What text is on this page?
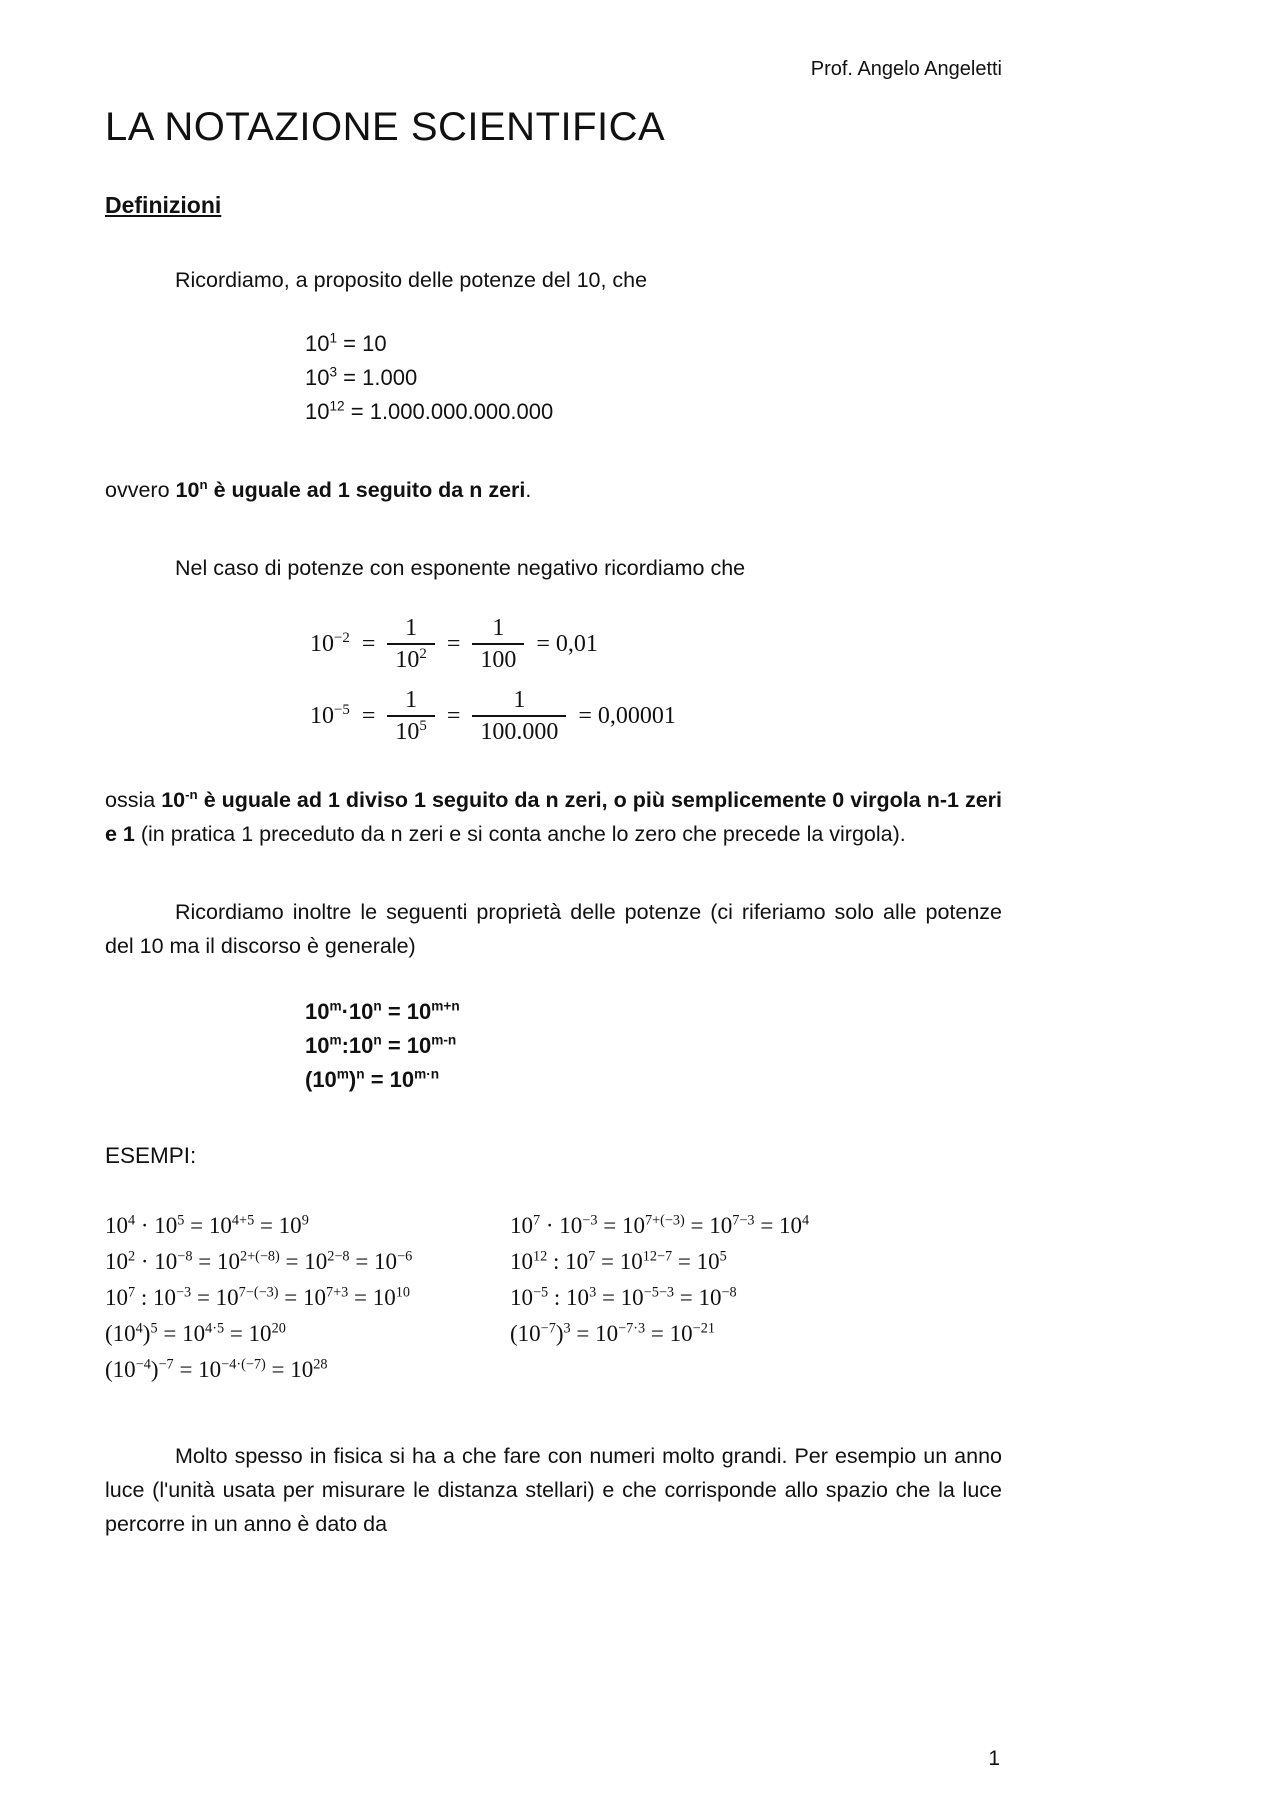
Prof. Angelo Angeletti
LA NOTAZIONE SCIENTIFICA
Definizioni

Ricordiamo, a proposito delle potenze del 10, che

$10^1 = 10$
$10^3 = 1.000$
$10^{12} = 1.000.000.000.000$

ovvero 10$^n$ è uguale ad 1 seguito da n zeri.

Nel caso di potenze con esponente negativo ricordiamo che

$10^{-2} = \frac{1}{10^2} = \frac{1}{100} = 0,01$
$10^{-5} = \frac{1}{10^5} = \frac{1}{100.000} = 0,00001$

ossia $10^{-n}$ è uguale ad 1 diviso 1 seguito da n zeri, o più semplicemente 0 virgola n-1 zeri e 1 (in pratica 1 preceduto da n zeri e si conta anche lo zero che precede la virgola).

Ricordiamo inoltre le seguenti proprietà delle potenze (ci riferiamo solo alle potenze del 10 ma il discorso è generale)

$10^m\cdot 10^n = 10^{m+n}$
$10^m:10^n = 10^{m-n}$
$(10^m)^n = 10^{m\cdot n}$
ESEMPI:
$10^4 \cdot 10^5 = 10^{4+5} = 10^9$
$10^2 \cdot 10^{-8} = 10^{2+(-8)} = 10^{2-8} = 10^{-6}$
$10^7$ : $10^{-3} = 10^{7-(-3)} = 10^{7+3} = 10^{10}$
$(10^4)^5 = 10^{4\cdot 5} = 10^{20}$
$(10^{-4})^{-7} = 10^{-4\cdot(-7)} = 10^{28}$
$10^7 \cdot 10^{-3} = 10^{7+(-3)} = 10^{7-3} = 10^4$
$10^{12}$ : $10^7 = 10^{12-7} = 10^5$
$10^{-5}$ : $10^3 = 10^{-5-3} = 10^{-8}$
$(10^{-7})^3 = 10^{-7\cdot 3} = 10^{-21}$

Molto spesso in fisica si ha a che fare con numeri molto grandi. Per esempio un anno luce (l'unità usata per misurare le distanza stellari) e che corrisponde allo spazio che la luce percorre in un anno è dato da

1
